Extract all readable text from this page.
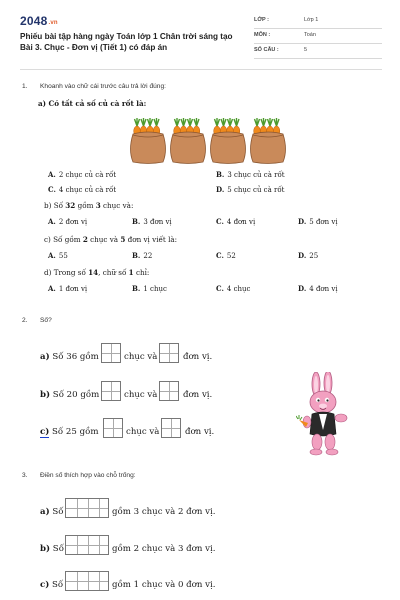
2048.vn
Phiếu bài tập hàng ngày Toán lớp 1 Chân trời sáng tạo Bài 3. Chục - Đơn vị (Tiết 1) có đáp án
LỚP :	Lớp 1
MÔN :	Toán
SỐ CÂU :	5
1. Khoanh vào chữ cái trước câu trả lời đúng:
a) Có tất cả số củ cà rốt là:
A. 2 chục củ cà rốt	B. 3 chục củ cà rốt
C. 4 chục củ cà rốt	D. 5 chục củ cà rốt
b) Số 32 gồm 3 chục và:
A. 2 đơn vị	B. 3 đơn vị	C. 4 đơn vị	D. 5 đơn vị
c) Số gồm 2 chục và 5 đơn vị viết là:
A. 55	B. 22	C. 52	D. 25
d) Trong số 14, chữ số 1 chỉ:
A. 1 đơn vị	B. 1 chục	C. 4 chục	D. 4 đơn vị
2. Số?
a) Số 36 gồm	chục và	đơn vị.
b) Số 20 gồm	chục và	đơn vị.
c) Số 25 gồm	chục và	đơn vị.
3. Điền số thích hợp vào chỗ trống:
a) Số	gồm 3 chục và 2 đơn vị.
b) Số	gồm 2 chục và 3 đơn vị.
c) Số	gồm 1 chục và 0 đơn vị.
